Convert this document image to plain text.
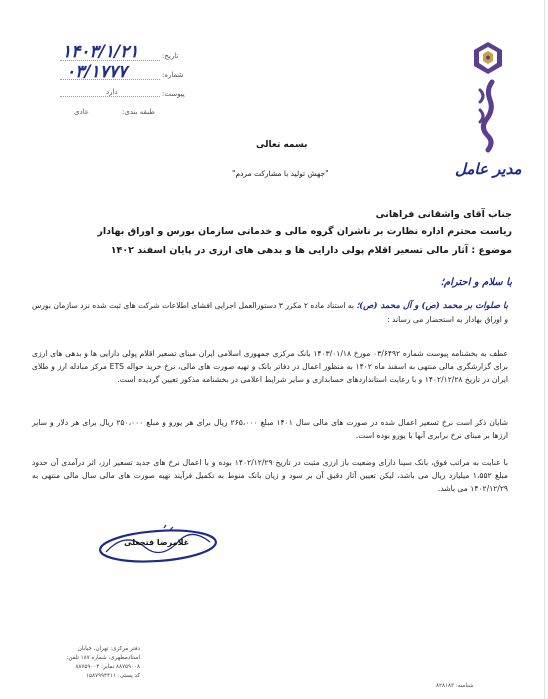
مدیر عامل
تاریخ:
۱۴۰۳/۱/۲۱
شماره:
۰۳/۱۷۷۷
پیوست:
دارد
طبقه بندی:
عادی
بسمه تعالی
"جهش تولید با مشارکت مردم"
جناب آقای واشقانی فراهانی
ریاست محترم اداره نظارت بر ناشران گروه مالی و خدماتی سازمان بورس و اوراق بهادار
موضوع : آثار مالی تسعیر اقلام پولی دارایی ها و بدهی های ارزی در پایان اسفند ۱۴۰۲
با سلام و احترام؛
با صلوات بر محمد (ص) و آل محمد (ص)؛ به استناد ماده ۲ مکرر ۳ دستورالعمل اجرایی افشای اطلاعات شرکت های ثبت شده نزد سازمان بورس و اوراق بهادار به استحضار می رساند :
عطف به بخشنامه پیوست شماره ۰۳/۶۴۹۲ مورخ ۱۴۰۳/۰۱/۱۸ بانک مرکزی جمهوری اسلامی ایران مبنای تسعیر اقلام پولی دارایی ها و بدهی های ارزی برای گزارشگری مالی منتهی به اسفند ماه ۱۴۰۲ به منظور اعمال در دفاتر بانک و تهیه صورت های مالی، نرخ خرید حواله ETS مرکز مبادله ارز و طلای ایران در تاریخ ۱۴۰۲/۱۲/۲۸ و با رعایت استانداردهای حسابداری و سایر شرایط اعلامی در بخشنامه مذکور تعیین گردیده است.
شایان ذکر است نرخ تسعیر اعمال شده در صورت های مالی سال ۱۴۰۱ مبلغ ۲۶۵،۰۰۰ ریال برای هر یورو و مبلغ ۲۵۰،۰۰۰ ریال برای هر دلار و سایر ارزها بر مبنای نرخ برابری آنها با یورو بوده است.
با عنایت به مراتب فوق، بانک سینا دارای وضعیت باز ارزی مثبت در تاریخ ۱۴۰۲/۱۲/۲۹ بوده و با اعمال نرخ های جدید تسعیر ارز، اثر درآمدی آن حدود مبلغ ۱،۵۵۲ میلیارد ریال می باشد، لیکن تعیین آثار دقیق آن بر سود و زیان بانک منوط به تکمیل فرآیند تهیه صورت های مالی سال مالی منتهی به ۱۴۰۲/۱۲/۲۹ می باشد.
غلامرضا فتحعلی
دفتر مرکزی: تهران، خیابان
استادمطهری، شماره ۱۸۷ تلفن:
۸۸۷۵۹۰۰۸ نمابر: ۸۸۷۵۹۰۰۴
کد پستی: ۱۵۸۷۹۹۴۴۱۱
شناسه: ۸۲۸۱۸۳
